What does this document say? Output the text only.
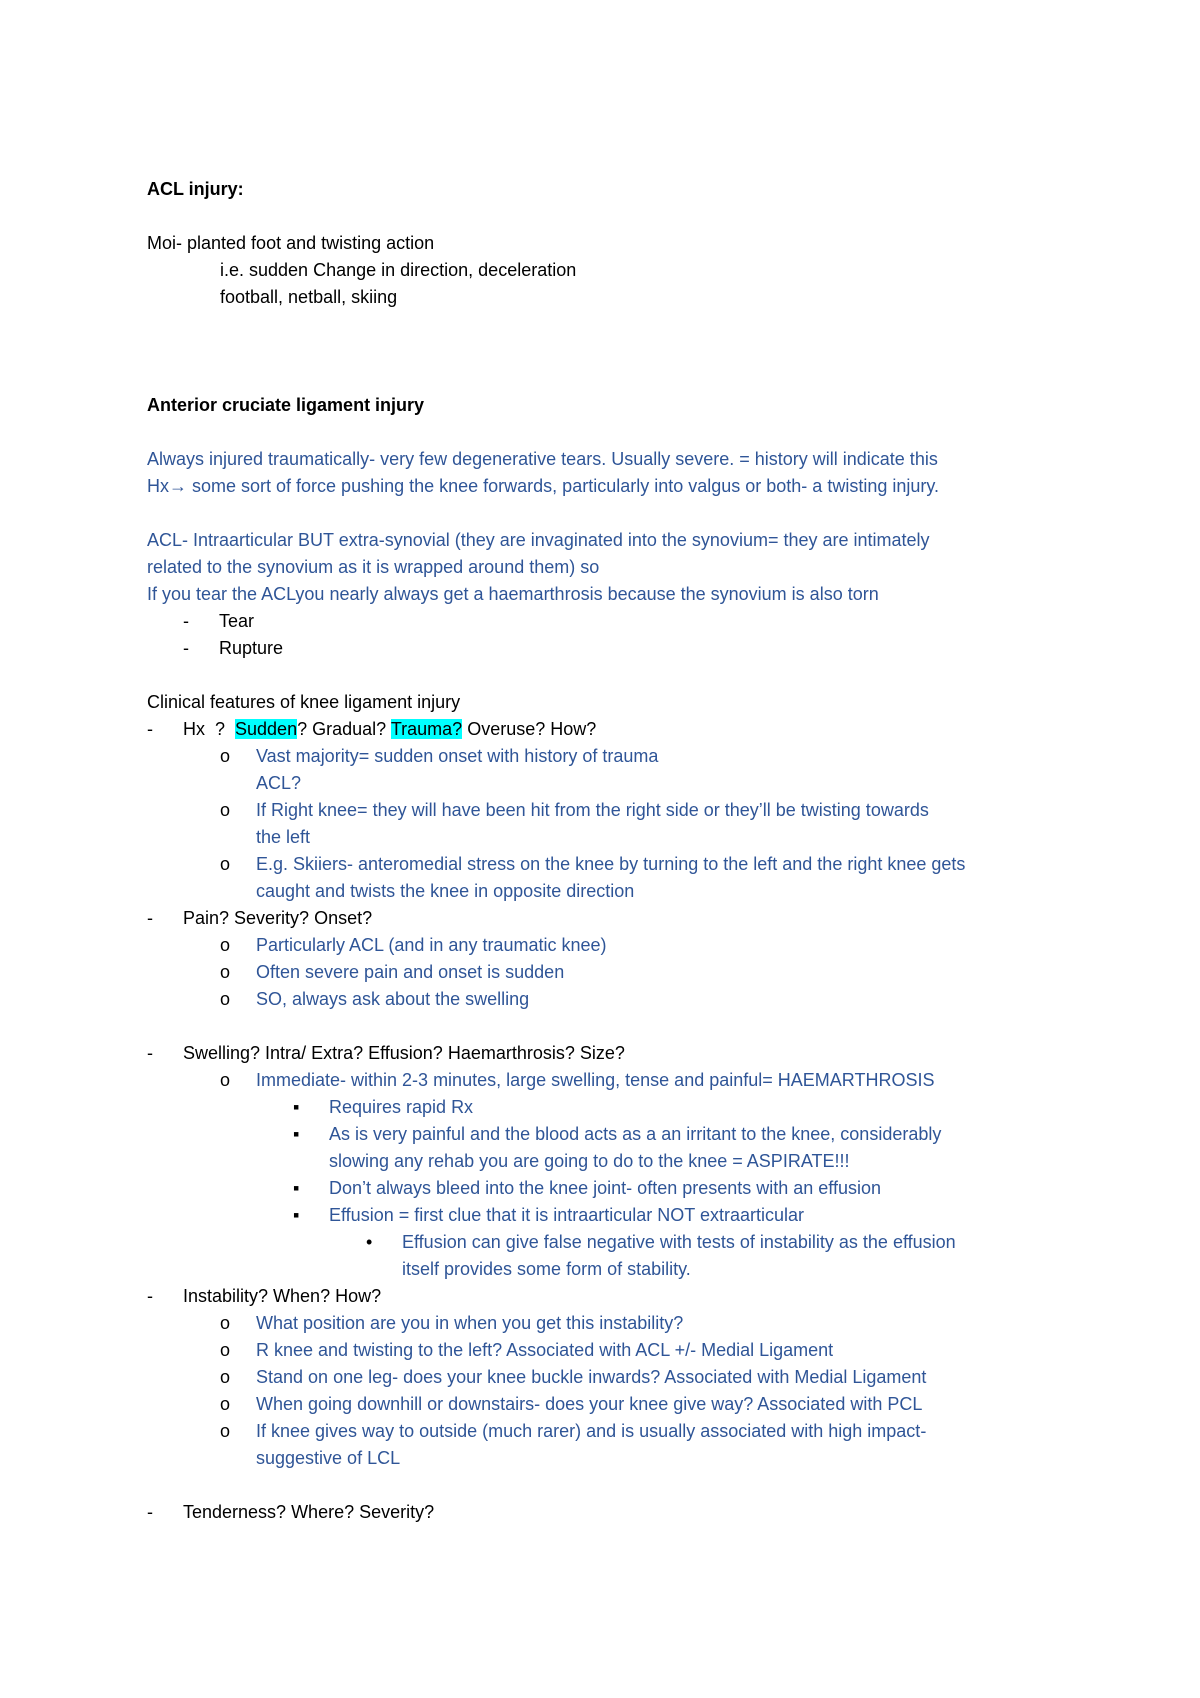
ACL injury:
Moi- planted foot and twisting action
i.e. sudden Change in direction, deceleration
football, netball, skiing
Anterior cruciate ligament injury
Always injured traumatically- very few degenerative tears. Usually severe. = history will indicate this
Hx→ some sort of force pushing the knee forwards, particularly into valgus or both- a twisting injury.
ACL- Intraarticular BUT extra-synovial (they are invaginated into the synovium= they are intimately
related to the synovium as it is wrapped around them) so
If you tear the ACLyou nearly always get a haemarthrosis because the synovium is also torn
- Tear
- Rupture
Clinical features of knee ligament injury
- Hx  ?  Sudden? Gradual? Trauma? Overuse? How?
o Vast majority= sudden onset with history of trauma
ACL?
o If Right knee= they will have been hit from the right side or they’ll be twisting towards
the left
o E.g. Skiiers- anteromedial stress on the knee by turning to the left and the right knee gets
caught and twists the knee in opposite direction
- Pain? Severity? Onset?
o Particularly ACL (and in any traumatic knee)
o Often severe pain and onset is sudden
o SO, always ask about the swelling
- Swelling? Intra/ Extra? Effusion? Haemarthrosis? Size?
o Immediate- within 2-3 minutes, large swelling, tense and painful= HAEMARTHROSIS
▪ Requires rapid Rx
▪ As is very painful and the blood acts as a an irritant to the knee, considerably
slowing any rehab you are going to do to the knee = ASPIRATE!!!
▪ Don’t always bleed into the knee joint- often presents with an effusion
▪ Effusion = first clue that it is intraarticular NOT extraarticular
• Effusion can give false negative with tests of instability as the effusion
itself provides some form of stability.
- Instability? When? How?
o What position are you in when you get this instability?
o R knee and twisting to the left? Associated with ACL +/- Medial Ligament
o Stand on one leg- does your knee buckle inwards? Associated with Medial Ligament
o When going downhill or downstairs- does your knee give way? Associated with PCL
o If knee gives way to outside (much rarer) and is usually associated with high impact-
suggestive of LCL
- Tenderness? Where? Severity?
